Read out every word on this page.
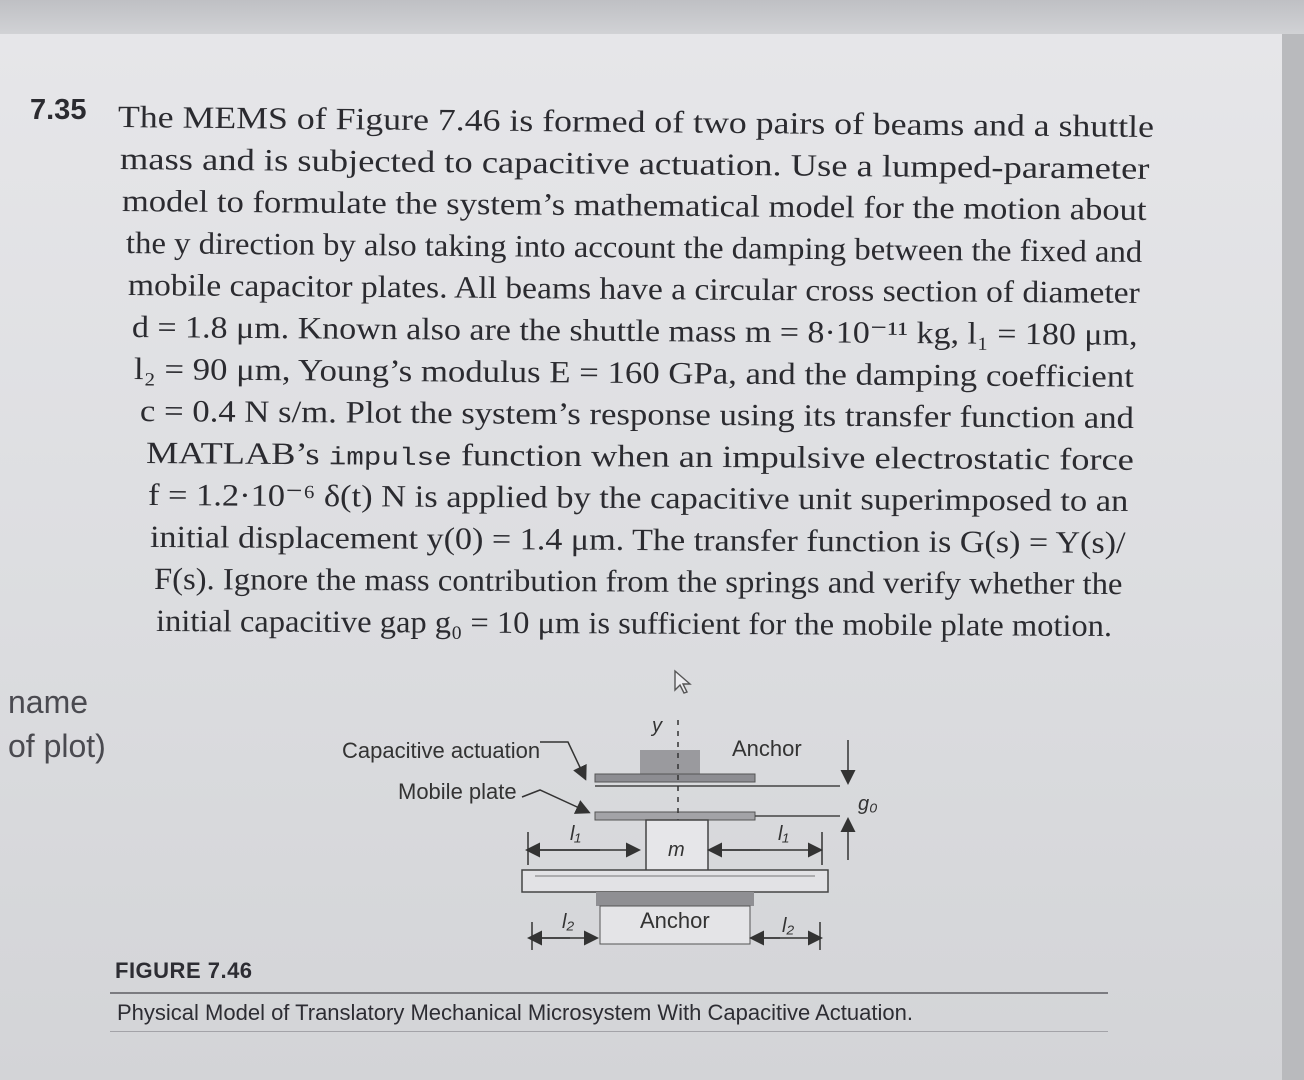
7.35 The MEMS of Figure 7.46 is formed of two pairs of beams and a shuttle
mass and is subjected to capacitive actuation. Use a lumped-parameter
model to formulate the system’s mathematical model for the motion about
the y direction by also taking into account the damping between the fixed and
mobile capacitor plates. All beams have a circular cross section of diameter
d = 1.8 μm. Known also are the shuttle mass m = 8·10⁻¹¹ kg, l₁ = 180 μm,
l₂ = 90 μm, Young’s modulus E = 160 GPa, and the damping coefficient
c = 0.4 N s/m. Plot the system’s response using its transfer function and
MATLAB’s impulse function when an impulsive electrostatic force
f = 1.2·10⁻⁶ δ(t) N is applied by the capacitive unit superimposed to an
initial displacement y(0) = 1.4 μm. The transfer function is G(s) = Y(s)/
F(s). Ignore the mass contribution from the springs and verify whether the
initial capacitive gap g₀ = 10 μm is sufficient for the mobile plate motion.
name
of plot)	Capacitive actuation
Mobile plate
Anchor
Anchor
y
m
g₀
l₁	l₁
l₂	l₂
FIGURE 7.46
Physical Model of Translatory Mechanical Microsystem With Capacitive Actuation.
